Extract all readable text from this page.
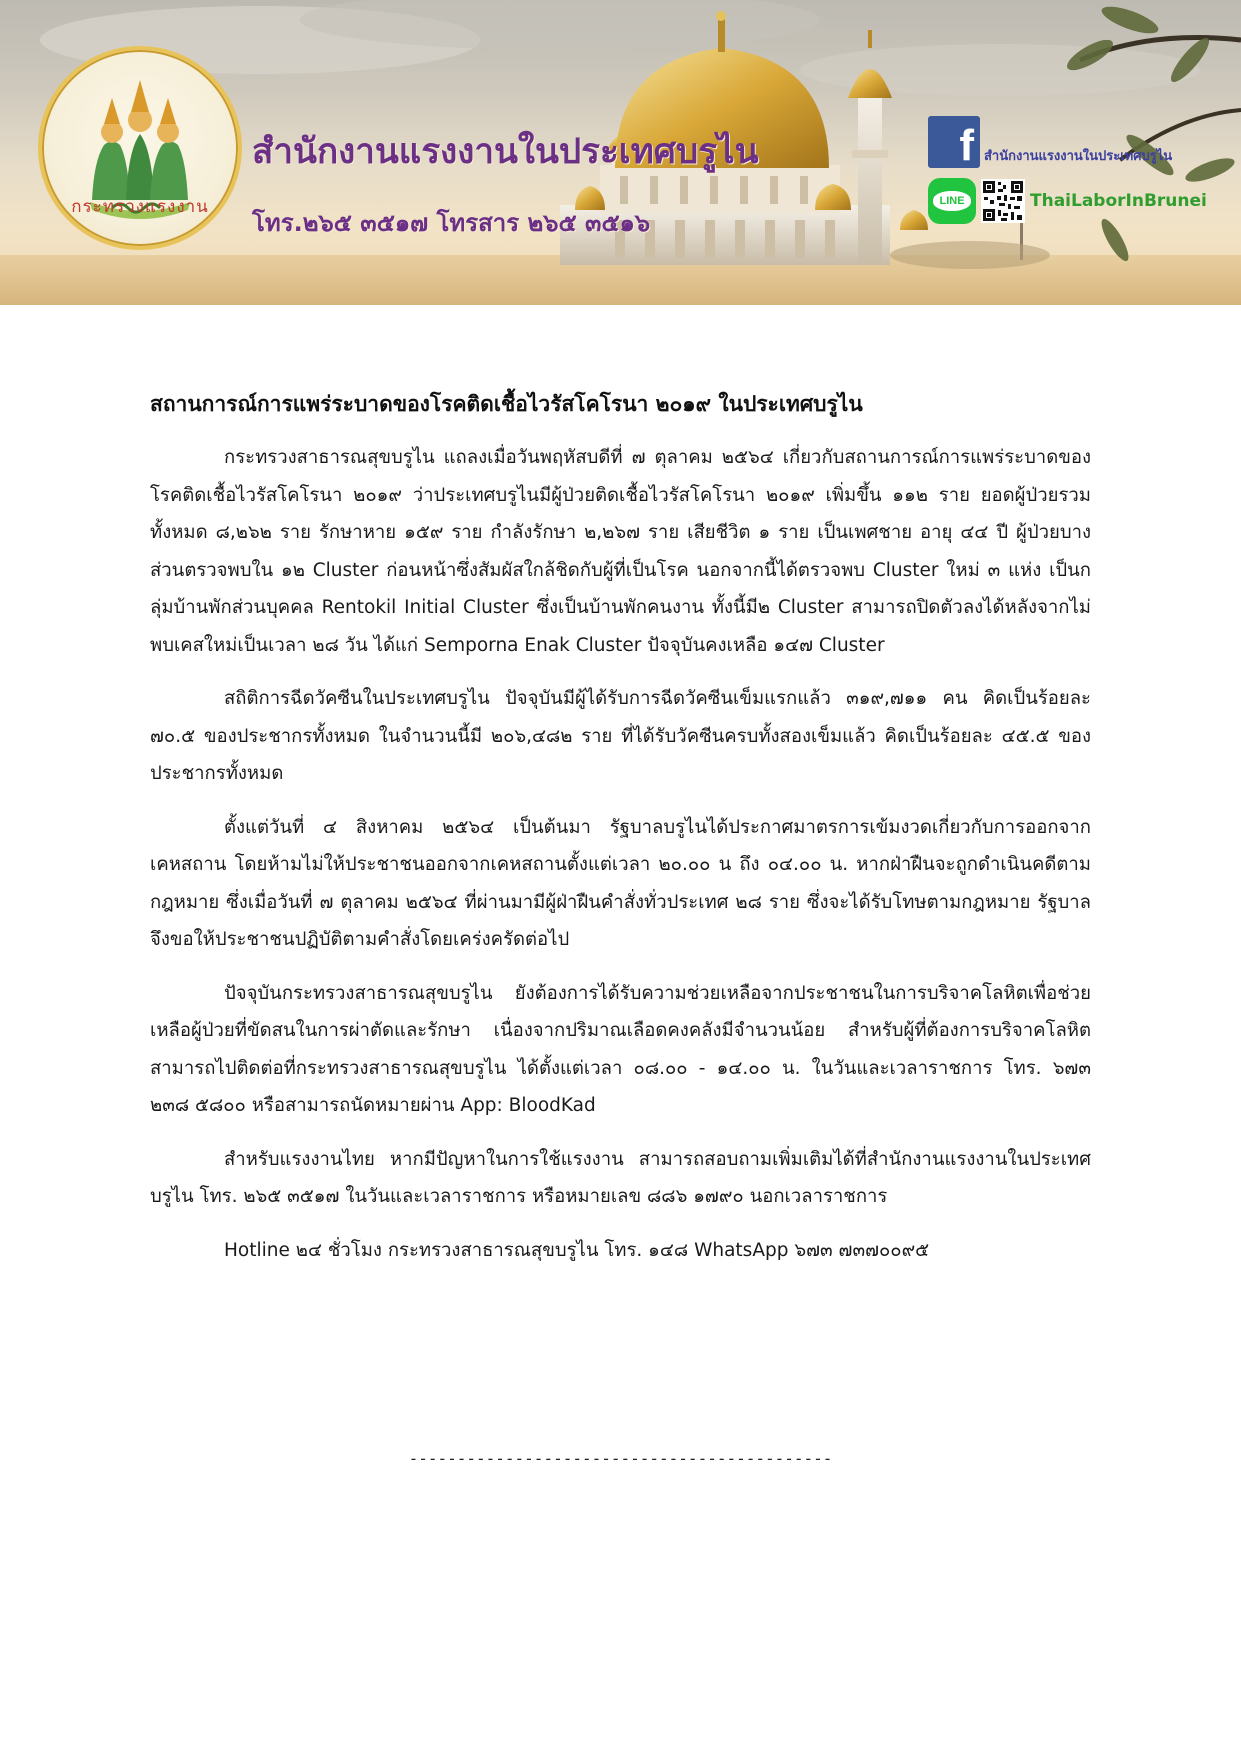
กระทรวงแรงงาน
สำนักงานแรงงานในประเทศบรูไน

โทร.๒๖๕ ๓๕๑๗ โทรสาร ๒๖๕ ๓๕๑๖

f สำนักงานแรงงานในประเทศบรูไน
LINE	ThaiLaborInBrunei
สถานการณ์การแพร่ระบาดของโรคติดเชื้อไวรัสโคโรนา ๒๐๑๙ ในประเทศบรูไน

กระทรวงสาธารณสุขบรูไน แถลงเมื่อวันพฤหัสบดีที่ ๗ ตุลาคม ๒๕๖๔ เกี่ยวกับสถานการณ์การแพร่ระบาดของโรคติดเชื้อไวรัสโคโรนา ๒๐๑๙ ว่าประเทศบรูไนมีผู้ป่วยติดเชื้อไวรัสโคโรนา ๒๐๑๙ เพิ่มขึ้น ๑๑๒ ราย ยอดผู้ป่วยรวมทั้งหมด ๘,๒๖๒ ราย รักษาหาย ๑๕๙ ราย กำลังรักษา ๒,๒๖๗ ราย เสียชีวิต ๑ ราย เป็นเพศชาย อายุ ๔๔ ปี ผู้ป่วยบางส่วนตรวจพบใน ๑๒ Cluster ก่อนหน้าซึ่งสัมผัสใกล้ชิดกับผู้ที่เป็นโรค นอกจากนี้ได้ตรวจพบ Cluster ใหม่ ๓ แห่ง เป็นกลุ่มบ้านพักส่วนบุคคล Rentokil Initial Cluster ซึ่งเป็นบ้านพักคนงาน ทั้งนี้มี๒ Cluster สามารถปิดตัวลงได้หลังจากไม่พบเคสใหม่เป็นเวลา ๒๘ วัน ได้แก่ Semporna Enak Cluster ปัจจุบันคงเหลือ ๑๔๗ Cluster

สถิติการฉีดวัคซีนในประเทศบรูไน ปัจจุบันมีผู้ได้รับการฉีดวัคซีนเข็มแรกแล้ว ๓๑๙,๗๑๑ คน คิดเป็นร้อยละ ๗๐.๕ ของประชากรทั้งหมด ในจำนวนนี้มี ๒๐๖,๔๘๒ ราย ที่ได้รับวัคซีนครบทั้งสองเข็มแล้ว คิดเป็นร้อยละ ๔๕.๕ ของประชากรทั้งหมด

ตั้งแต่วันที่ ๔ สิงหาคม ๒๕๖๔ เป็นต้นมา รัฐบาลบรูไนได้ประกาศมาตรการเข้มงวดเกี่ยวกับการออกจากเคหสถาน โดยห้ามไม่ให้ประชาชนออกจากเคหสถานตั้งแต่เวลา ๒๐.๐๐ น ถึง ๐๔.๐๐ น. หากฝ่าฝืนจะถูกดำเนินคดีตามกฎหมาย ซึ่งเมื่อวันที่ ๗ ตุลาคม ๒๕๖๔ ที่ผ่านมามีผู้ฝ่าฝืนคำสั่งทั่วประเทศ ๒๘ ราย ซึ่งจะได้รับโทษตามกฎหมาย รัฐบาลจึงขอให้ประชาชนปฏิบัติตามคำสั่งโดยเคร่งครัดต่อไป

ปัจจุบันกระทรวงสาธารณสุขบรูไน ยังต้องการได้รับความช่วยเหลือจากประชาชนในการบริจาคโลหิตเพื่อช่วยเหลือผู้ป่วยที่ขัดสนในการผ่าตัดและรักษา เนื่องจากปริมาณเลือดคงคลังมีจำนวนน้อย สำหรับผู้ที่ต้องการบริจาคโลหิต สามารถไปติดต่อที่กระทรวงสาธารณสุขบรูไน ได้ตั้งแต่เวลา ๐๘.๐๐ - ๑๔.๐๐ น. ในวันและเวลาราชการ โทร. ๖๗๓ ๒๓๘ ๕๘๐๐ หรือสามารถนัดหมายผ่าน App: BloodKad

สำหรับแรงงานไทย หากมีปัญหาในการใช้แรงงาน สามารถสอบถามเพิ่มเติมได้ที่สำนักงานแรงงานในประเทศบรูไน โทร. ๒๖๕ ๓๕๑๗ ในวันและเวลาราชการ หรือหมายเลข ๘๘๖ ๑๗๙๐ นอกเวลาราชการ

Hotline ๒๔ ชั่วโมง กระทรวงสาธารณสุขบรูไน โทร. ๑๔๘ WhatsApp ๖๗๓ ๗๓๗๐๐๙๕

--------------------------------------------
